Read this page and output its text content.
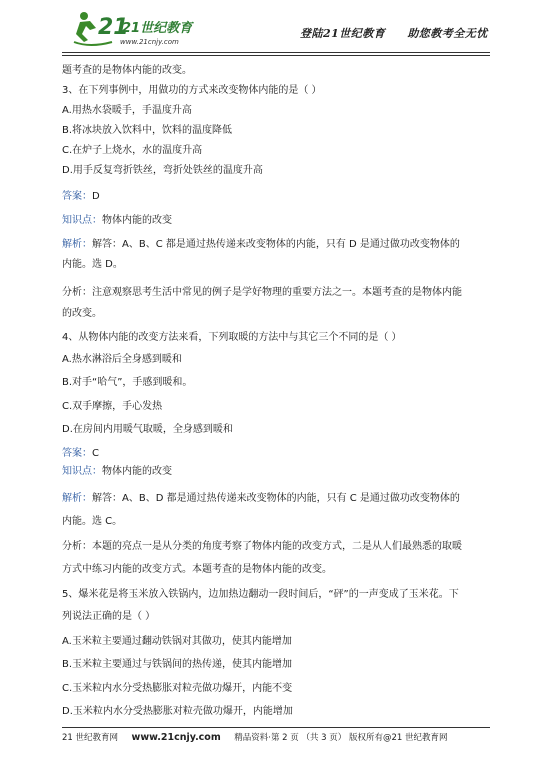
21
21世纪教育
www.21cnjy.com
登陆21世纪教育 助您教考全无忧
题考查的是物体内能的改变。
3、在下列事例中，用做功的方式来改变物体内能的是（ ）
A.用热水袋暖手，手温度升高
B.将冰块放入饮料中，饮料的温度降低
C.在炉子上烧水，水的温度升高
D.用手反复弯折铁丝，弯折处铁丝的温度升高
答案：D
知识点：物体内能的改变
解析：解答：A、B、C 都是通过热传递来改变物体的内能，只有 D 是通过做功改变物体的
内能。选 D。
分析：注意观察思考生活中常见的例子是学好物理的重要方法之一。本题考查的是物体内能
的改变。
4、从物体内能的改变方法来看，下列取暖的方法中与其它三个不同的是（ ）
A.热水淋浴后全身感到暖和
B.对手“哈气”，手感到暖和。
C.双手摩擦，手心发热
D.在房间内用暖气取暖，全身感到暖和
答案：C
知识点：物体内能的改变
解析：解答：A、B、D 都是通过热传递来改变物体的内能，只有 C 是通过做功改变物体的
内能。选 C。
分析：本题的亮点一是从分类的角度考察了物体内能的改变方式，二是从人们最熟悉的取暖
方式中练习内能的改变方式。本题考查的是物体内能的改变。
5、爆米花是将玉米放入铁锅内，边加热边翻动一段时间后，“砰”的一声变成了玉米花。下
列说法正确的是（ ）
A.玉米粒主要通过翻动铁锅对其做功，使其内能增加
B.玉米粒主要通过与铁锅间的热传递，使其内能增加
C.玉米粒内水分受热膨胀对粒壳做功爆开，内能不变
D.玉米粒内水分受热膨胀对粒壳做功爆开，内能增加
21 世纪教育网 www.21cnjy.com 精品资料·第 2 页 （共 3 页） 版权所有@21 世纪教育网
